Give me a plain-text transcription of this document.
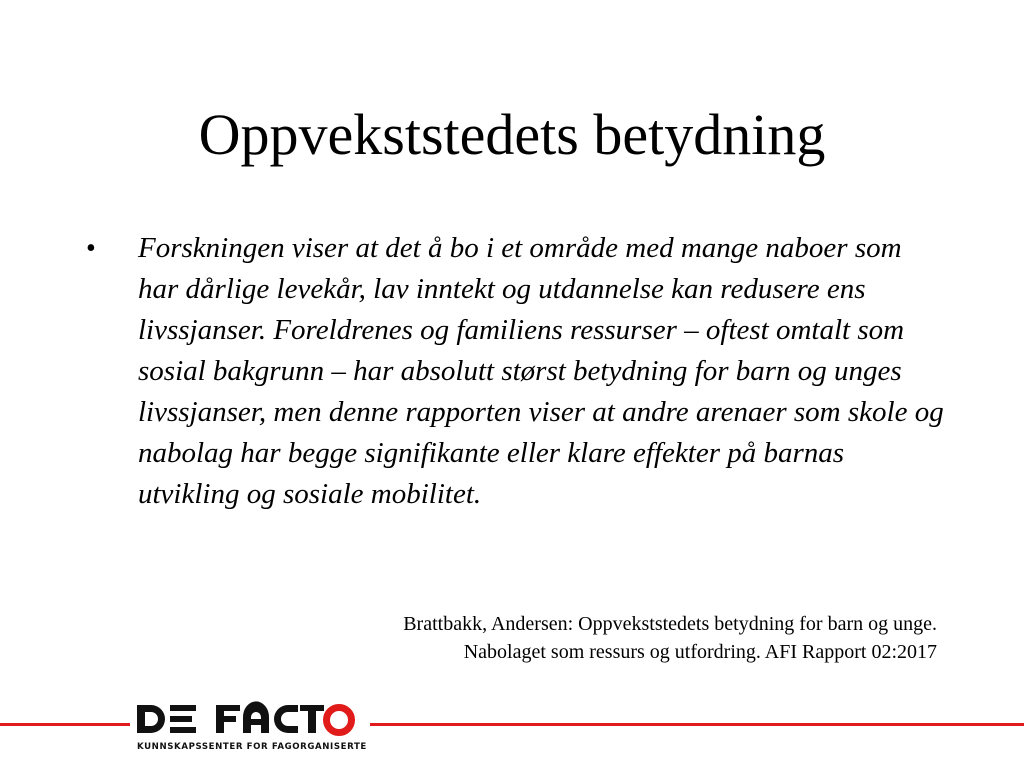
Oppvekststedets betydning
• Forskningen viser at det å bo i et område med mange naboer som har dårlige levekår, lav inntekt og utdannelse kan redusere ens livssjanser. Foreldrenes og familiens ressurser – oftest omtalt som sosial bakgrunn – har absolutt størst betydning for barn og unges livssjanser, men denne rapporten viser at andre arenaer som skole og nabolag har begge signifikante eller klare effekter på barnas utvikling og sosiale mobilitet.
Brattbakk, Andersen: Oppvekststedets betydning for barn og unge.
Nabolaget som ressurs og utfordring. AFI Rapport 02:2017
KUNNSKAPSSENTER FOR FAGORGANISERTE
